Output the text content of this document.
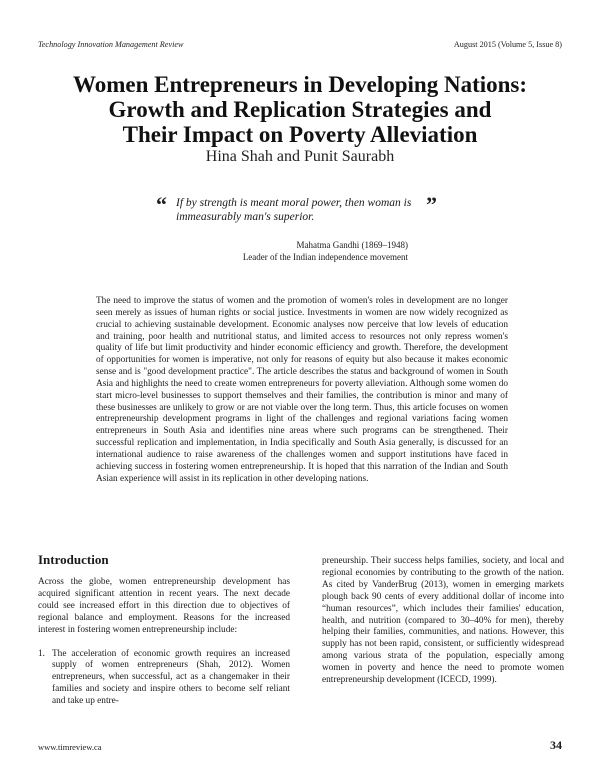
Technology Innovation Management Review	August 2015 (Volume 5, Issue 8)
Women Entrepreneurs in Developing Nations:
Growth and Replication Strategies and
Their Impact on Poverty Alleviation
Hina Shah and Punit Saurabh
“ If by strength is meant moral power, then woman is immeasurably man's superior.	”
Mahatma Gandhi (1869–1948)
Leader of the Indian independence movement
The need to improve the status of women and the promotion of women's roles in development are no longer seen merely as issues of human rights or social justice. Investments in women are now widely recognized as crucial to achieving sustainable development. Economic analyses now perceive that low levels of education and training, poor health and nutritional status, and limited access to resources not only repress women's quality of life but limit productivity and hinder economic efficiency and growth. Therefore, the development of opportunities for women is imperative, not only for reasons of equity but also because it makes economic sense and is "good development practice". The article describes the status and background of women in South Asia and highlights the need to create women entrepreneurs for poverty alleviation. Although some women do start micro-level businesses to support themselves and their families, the contribution is minor and many of these businesses are unlikely to grow or are not viable over the long term. Thus, this article focuses on women entrepreneurship development programs in light of the challenges and regional variations facing women entrepreneurs in South Asia and identifies nine areas where such programs can be strengthened. Their successful replication and implementation, in India specifically and South Asia generally, is discussed for an international audience to raise awareness of the challenges women and support institutions have faced in achieving success in fostering women entrepreneurship. It is hoped that this narration of the Indian and South Asian experience will assist in its replication in other developing nations.
Introduction

Across the globe, women entrepreneurship development has acquired significant attention in recent years. The next decade could see increased effort in this direction due to objectives of regional balance and employment. Reasons for the increased interest in fostering women entrepreneurship include:

1. The acceleration of economic growth requires an increased supply of women entrepreneurs (Shah, 2012). Women entrepreneurs, when successful, act as a changemaker in their families and society and inspire others to become self reliant and take up entre-
preneurship. Their success helps families, society, and local and regional economies by contributing to the growth of the nation. As cited by VanderBrug (2013), women in emerging markets plough back 90 cents of every additional dollar of income into “human resources”, which includes their families' education, health, and nutrition (compared to 30–40% for men), thereby helping their families, communities, and nations. However, this supply has not been rapid, consistent, or sufficiently widespread among various strata of the population, especially among women in poverty and hence the need to promote women entrepreneurship development (ICECD, 1999).
www.timreview.ca	34
